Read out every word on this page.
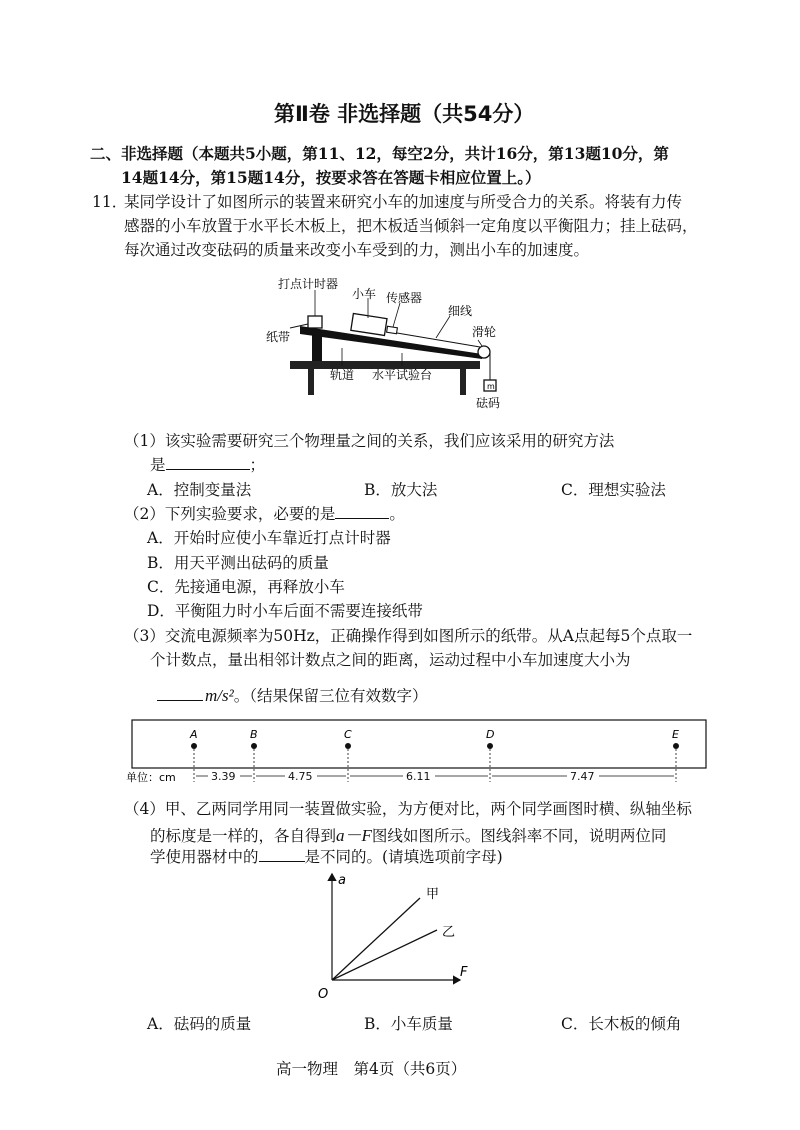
第Ⅱ卷 非选择题（共54分）
二、非选择题（本题共5小题，第11、12，每空2分，共计16分，第13题10分，第
14题14分，第15题14分，按要求答在答题卡相应位置上。）
11．
某同学设计了如图所示的装置来研究小车的加速度与所受合力的关系。将装有力传
感器的小车放置于水平长木板上，把木板适当倾斜一定角度以平衡阻力；挂上砝码，
每次通过改变砝码的质量来改变小车受到的力，测出小车的加速度。
m
打点计时器
小车 传感器
细线
纸带	滑轮
轨道 水平试验台
砝码
（1）该实验需要研究三个物理量之间的关系，我们应该采用的研究方法
是	；
A．控制变量法	B．放大法	C．理想实验法
（2）下列实验要求，必要的是	。
A．开始时应使小车靠近打点计时器
B．用天平测出砝码的质量
C．先接通电源，再释放小车
D．平衡阻力时小车后面不需要连接纸带
（3）交流电源频率为50Hz，正确操作得到如图所示的纸带。从A点起每5个点取一
个计数点，量出相邻计数点之间的距离，运动过程中小车加速度大小为
m/s²。（结果保留三位有效数字）
A	B	C	D	E
3.39	4.75	6.11	7.47
单位：cm
（4）甲、乙两同学用同一装置做实验，为方便对比，两个同学画图时横、纵轴坐标
的标度是一样的，各自得到a－F图线如图所示。图线斜率不同，说明两位同
学使用器材中的	是不同的。(请填选项前字母)
a
F
O
甲
乙
A．砝码的质量	B．小车质量	C．长木板的倾角
高一物理　第4页（共6页）
